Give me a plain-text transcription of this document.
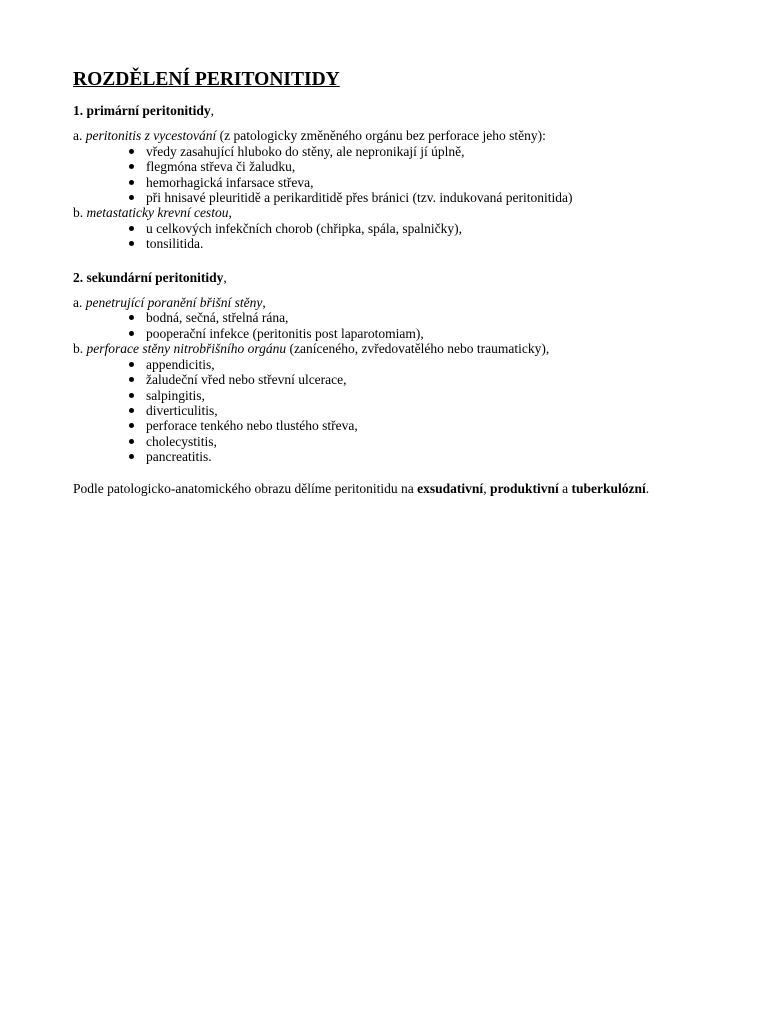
ROZDĚLENÍ PERITONITIDY

1. primární peritonitidy,

a. peritonitis z vycestování (z patologicky změněného orgánu bez perforace jeho stěny):

vředy zasahující hluboko do stěny, ale nepronikají jí úplně,
flegmóna střeva či žaludku,
hemorhagická infarsace střeva,
při hnisavé pleuritidě a perikarditidě přes bránici (tzv. indukovaná peritonitida)

b. metastaticky krevní cestou,

u celkových infekčních chorob (chřipka, spála, spalničky),
tonsilitida.

2. sekundární peritonitidy,

a. penetrující poranění břišní stěny,

bodná, sečná, střelná rána,
pooperační infekce (peritonitis post laparotomiam),

b. perforace stěny nitrobřišního orgánu (zaníceného, zvředovatělého nebo traumaticky),

appendicitis,
žaludeční vřed nebo střevní ulcerace,
salpingitis,
diverticulitis,
perforace tenkého nebo tlustého střeva,
cholecystitis,
pancreatitis.

Podle patologicko-anatomického obrazu dělíme peritonitidu na exsudativní, produktivní a tuberkulózní.
